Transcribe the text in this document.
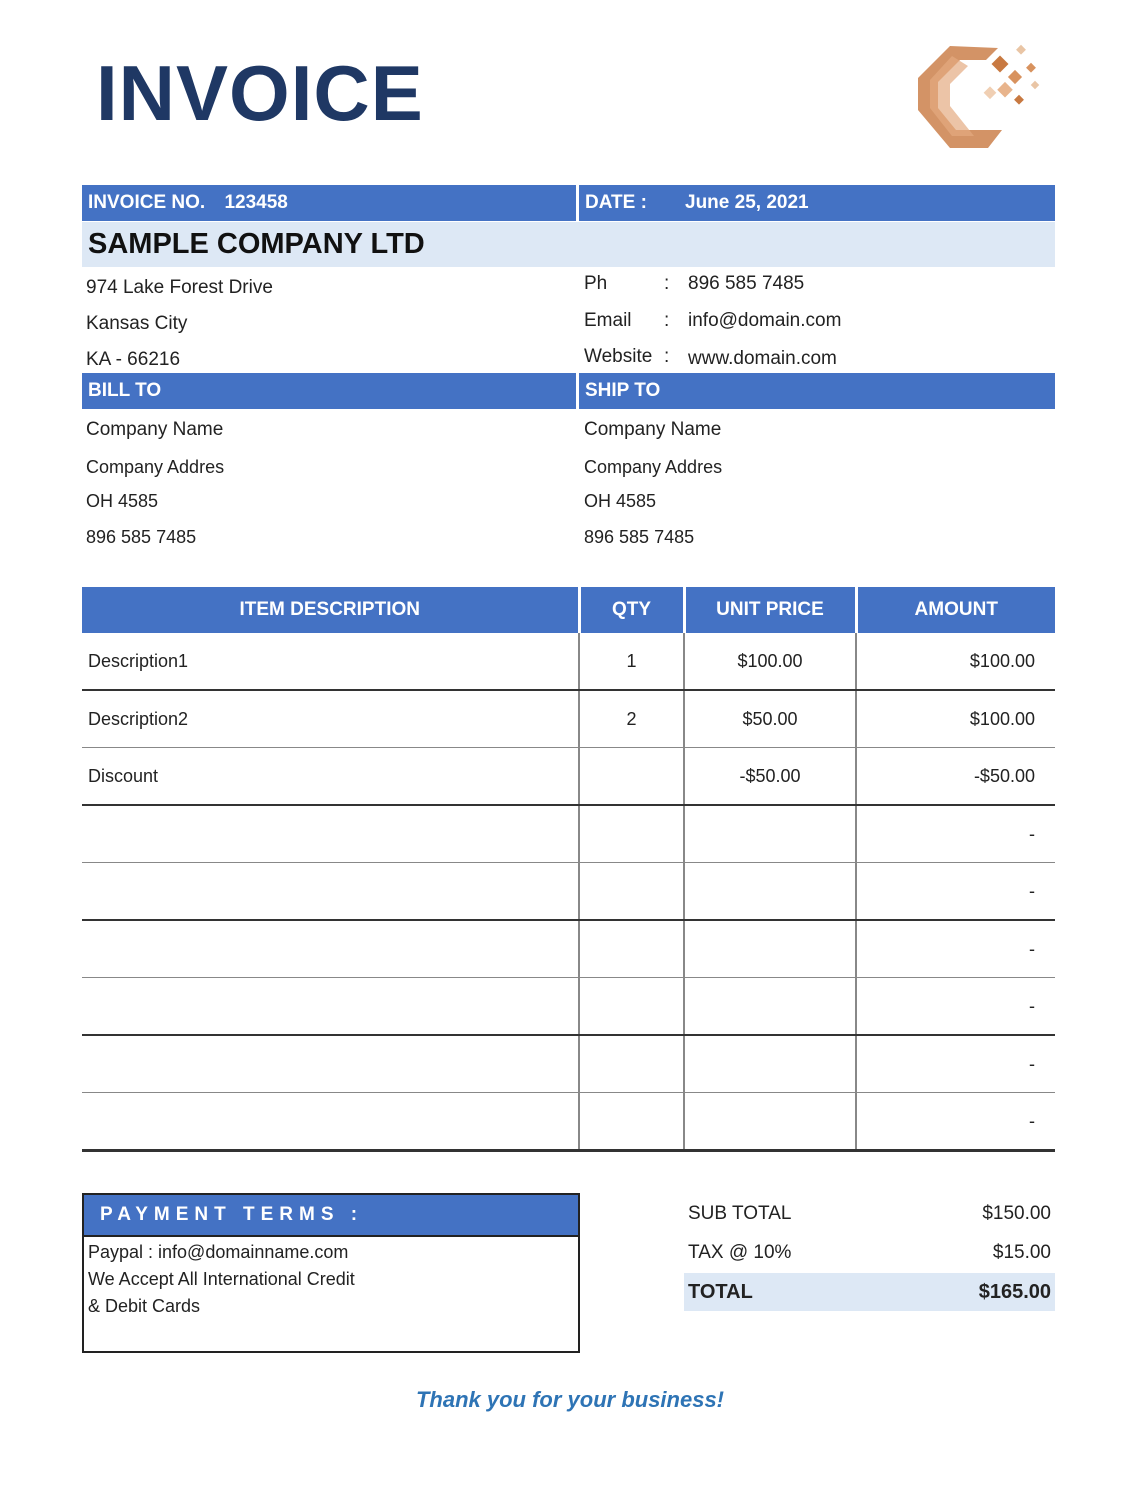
INVOICE
INVOICE NO. 123458	DATE : June 25, 2021
SAMPLE COMPANY LTD
974 Lake Forest Drive
Kansas City
KA - 66216
Ph	: 896 585 7485
Email : info@domain.com
Website : www.domain.com
BILL TO	SHIP TO
Company Name
Company Addres
OH 4585
896 585 7485
Company Name
Company Addres
OH 4585
896 585 7485
ITEM DESCRIPTION	QTY	UNIT PRICE	AMOUNT
Description1	1	$100.00	$100.00
Description2	2	$50.00	$100.00
Discount		-$50.00	-$50.00
			-
			-
			-
			-
			-
			-
PAYMENT TERMS :
Paypal : info@domainname.com
We Accept All International Credit
& Debit Cards
SUB TOTAL	$150.00
TAX @ 10%	$15.00
TOTAL	$165.00
Thank you for your business!
